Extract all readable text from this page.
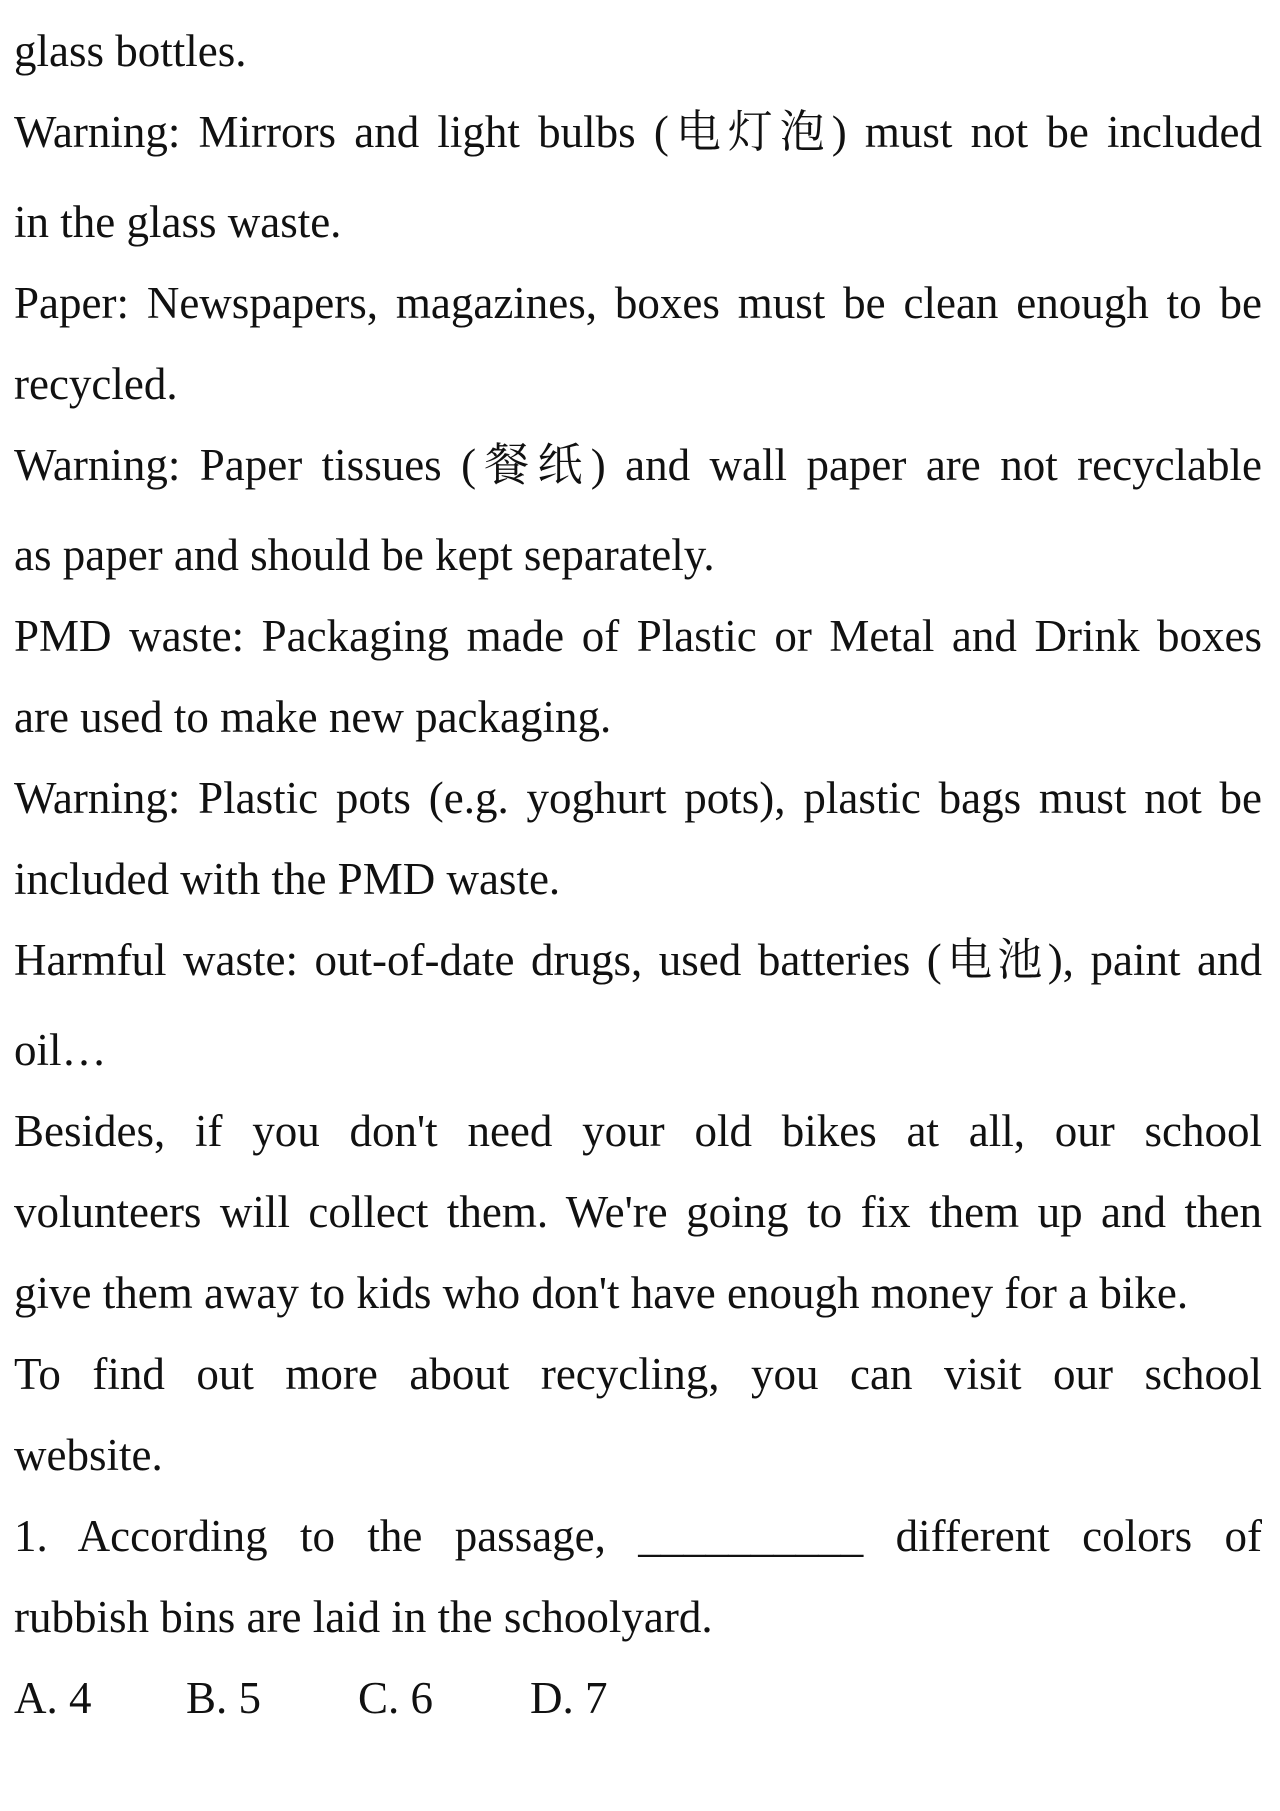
glass bottles.
Warning: Mirrors and light bulbs (电灯泡) must not be included
in the glass waste.
Paper: Newspapers, magazines, boxes must be clean enough to be
recycled.
Warning: Paper tissues (餐纸) and wall paper are not recyclable
as paper and should be kept separately.
PMD waste: Packaging made of Plastic or Metal and Drink boxes
are used to make new packaging.
Warning: Plastic pots (e.g. yoghurt pots), plastic bags must not be
included with the PMD waste.
Harmful waste: out-of-date drugs, used batteries (电池), paint and
oil…
Besides, if you don't need your old bikes at all, our school
volunteers will collect them. We're going to fix them up and then
give them away to kids who don't have enough money for a bike.
To find out more about recycling, you can visit our school
website.
1. According to the passage, __________ different colors of
rubbish bins are laid in the schoolyard.
A. 4	B. 5	C. 6	D. 7
